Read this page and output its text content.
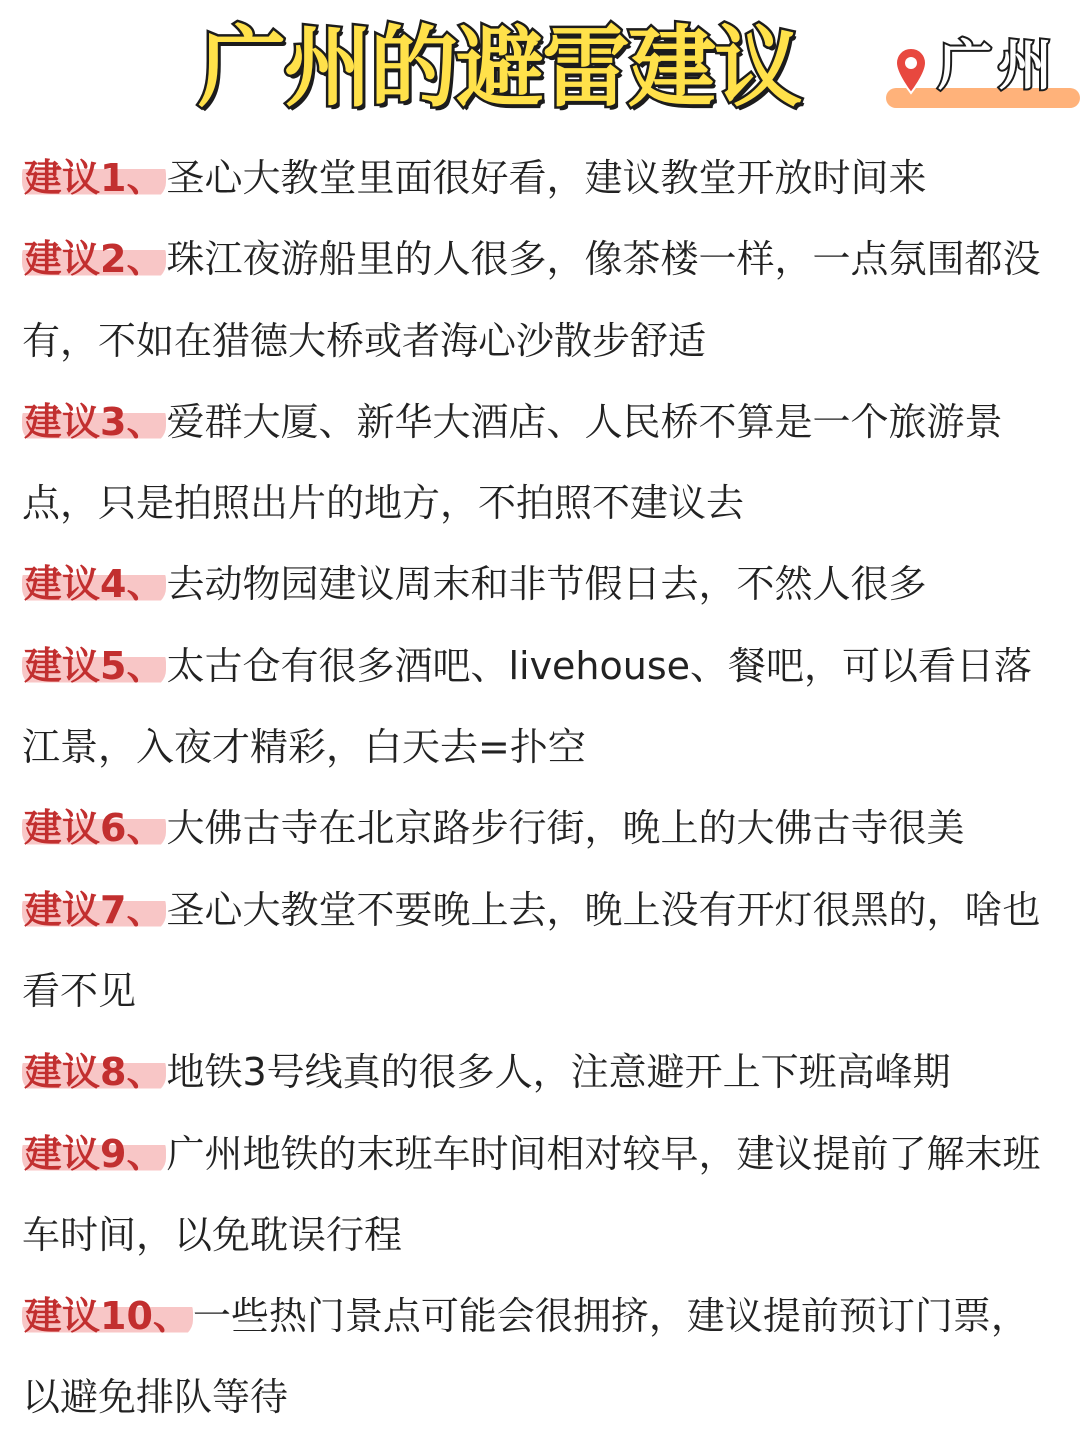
广州的避雷建议	广州
建议1、圣心大教堂里面很好看，建议教堂开放时间来
建议2、珠江夜游船里的人很多，像茶楼一样，一点氛围都没有，不如在猎德大桥或者海心沙散步舒适
建议3、爱群大厦、新华大酒店、人民桥不算是一个旅游景点，只是拍照出片的地方，不拍照不建议去
建议4、去动物园建议周末和非节假日去，不然人很多
建议5、太古仓有很多酒吧、livehouse、餐吧，可以看日落江景，入夜才精彩，白天去=扑空
建议6、大佛古寺在北京路步行街，晚上的大佛古寺很美
建议7、圣心大教堂不要晚上去，晚上没有开灯很黑的，啥也看不见
建议8、地铁3号线真的很多人，注意避开上下班高峰期
建议9、广州地铁的末班车时间相对较早，建议提前了解末班车时间，以免耽误行程
建议10、一些热门景点可能会很拥挤，建议提前预订门票，以避免排队等待
